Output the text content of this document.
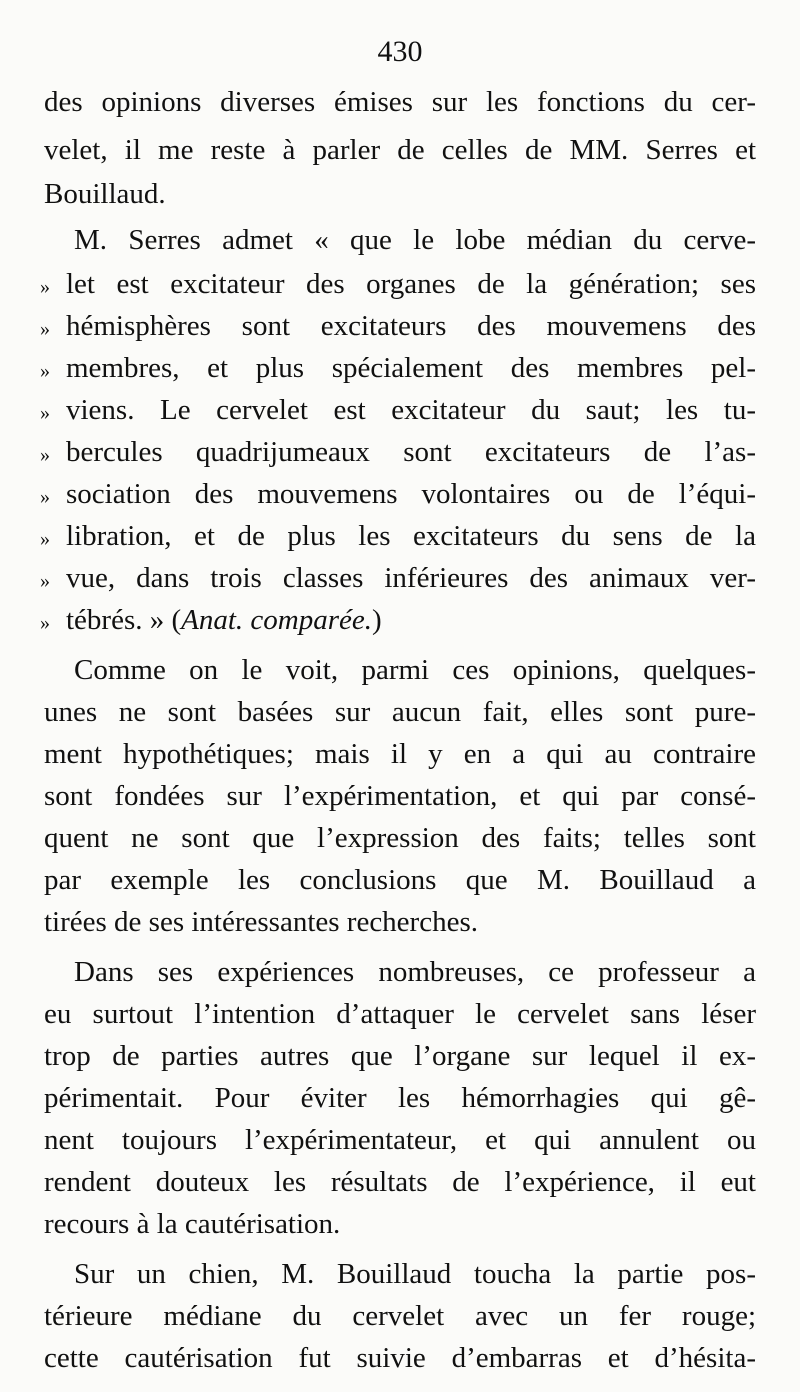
430
des opinions diverses émises sur les fonctions du cer-
velet, il me reste à parler de celles de MM. Serres et
Bouillaud.
M. Serres admet « que le lobe médian du cerve-
» let est excitateur des organes de la génération; ses
» hémisphères sont excitateurs des mouvemens des
» membres, et plus spécialement des membres pel-
» viens. Le cervelet est excitateur du saut; les tu-
» bercules quadrijumeaux sont excitateurs de l’as-
» sociation des mouvemens volontaires ou de l’équi-
» libration, et de plus les excitateurs du sens de la
» vue, dans trois classes inférieures des animaux ver-
» tébrés. » (Anat. comparée.)
Comme on le voit, parmi ces opinions, quelques-
unes ne sont basées sur aucun fait, elles sont pure-
ment hypothétiques; mais il y en a qui au contraire
sont fondées sur l’expérimentation, et qui par consé-
quent ne sont que l’expression des faits; telles sont
par exemple les conclusions que M. Bouillaud a
tirées de ses intéressantes recherches.
Dans ses expériences nombreuses, ce professeur a
eu surtout l’intention d’attaquer le cervelet sans léser
trop de parties autres que l’organe sur lequel il ex-
périmentait. Pour éviter les hémorrhagies qui gê-
nent toujours l’expérimentateur, et qui annulent ou
rendent douteux les résultats de l’expérience, il eut
recours à la cautérisation.
Sur un chien, M. Bouillaud toucha la partie pos-
térieure médiane du cervelet avec un fer rouge;
cette cautérisation fut suivie d’embarras et d’hésita-
